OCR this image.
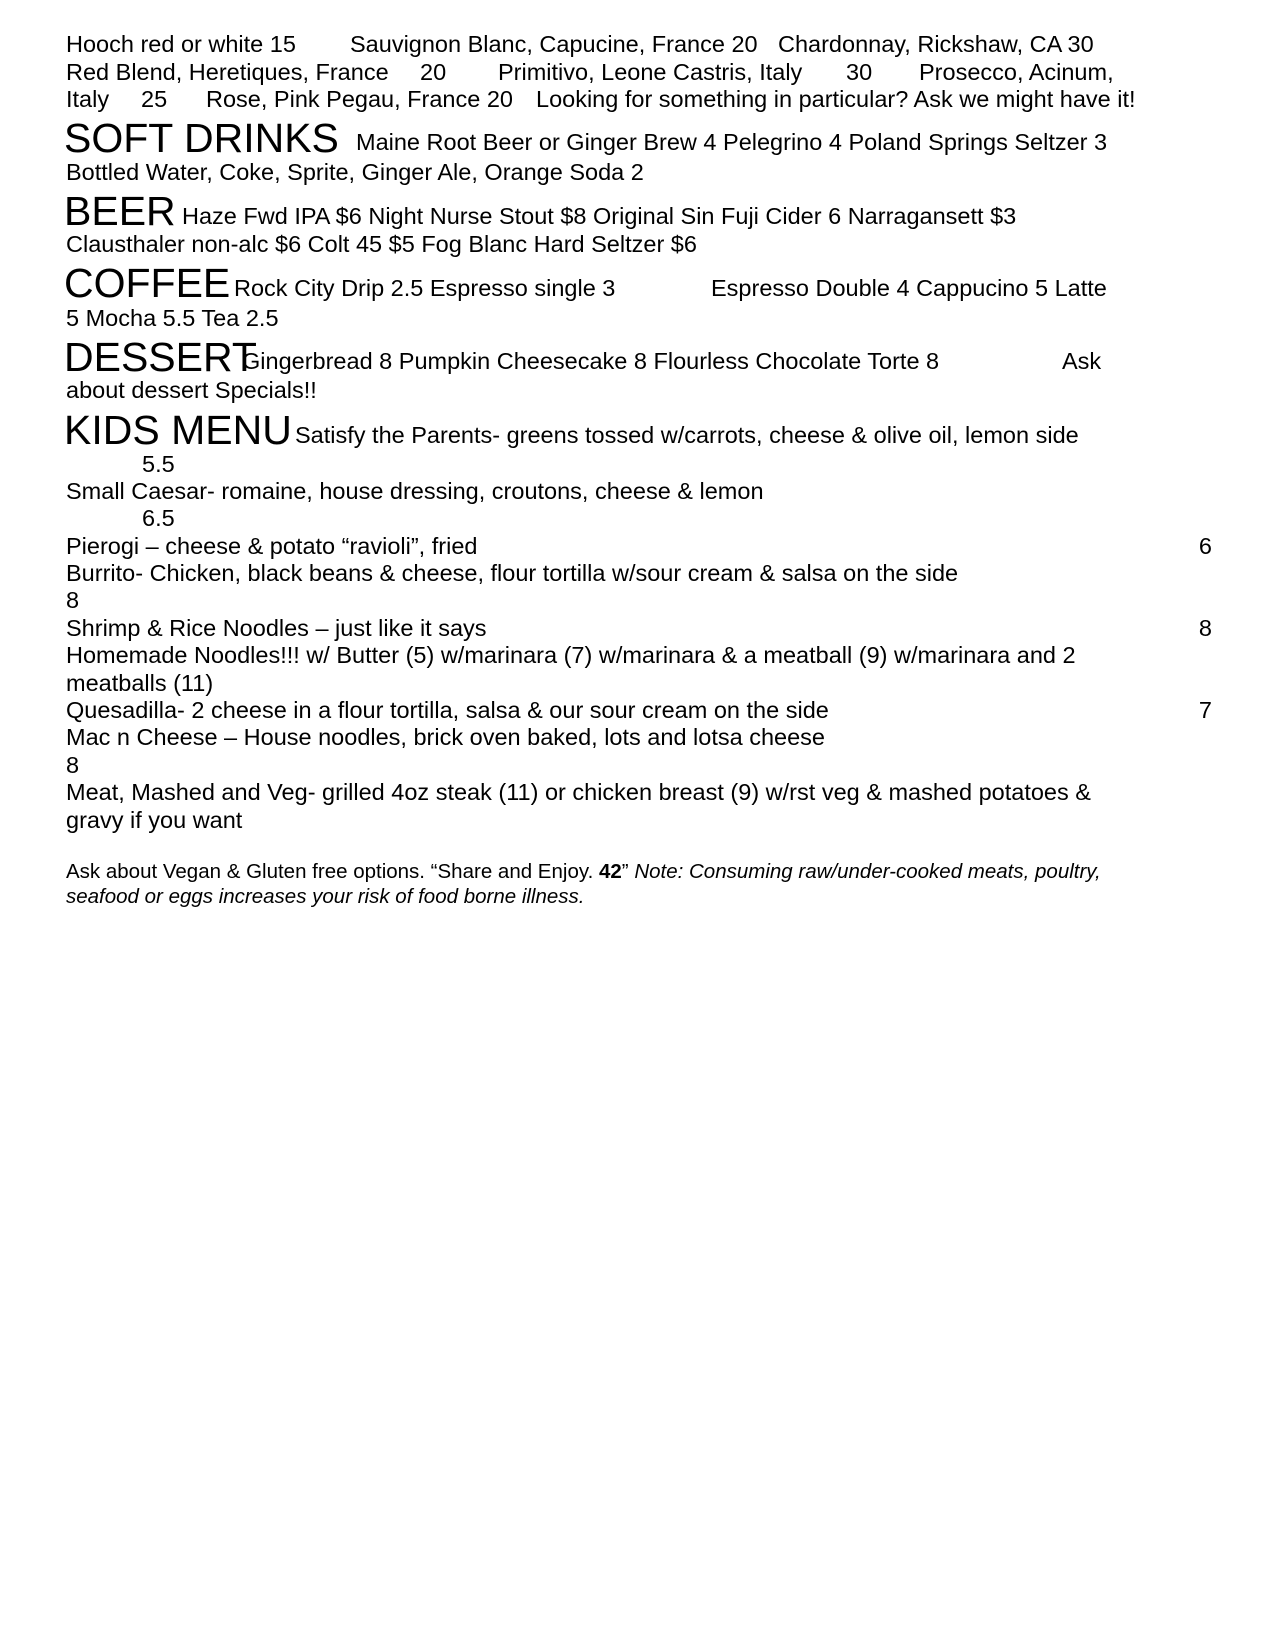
Hooch red or white 15 Sauvignon Blanc, Capucine, France 20 Chardonnay, Rickshaw, CA 30
Red Blend, Heretiques, France 20 Primitivo, Leone Castris, Italy 30 Prosecco, Acinum,
Italy 25 Rose, Pink Pegau, France 20 Looking for something in particular? Ask we might have it!
SOFT DRINKS Maine Root Beer or Ginger Brew 4 Pelegrino 4 Poland Springs Seltzer 3
Bottled Water, Coke, Sprite, Ginger Ale, Orange Soda 2
BEER Haze Fwd IPA $6 Night Nurse Stout $8 Original Sin Fuji Cider 6 Narragansett $3
Clausthaler non-alc $6 Colt 45 $5 Fog Blanc Hard Seltzer $6
COFFEE Rock City Drip 2.5 Espresso single 3	Espresso Double 4 Cappucino 5 Latte
5 Mocha 5.5 Tea 2.5
DESSERT
Gingerbread 8 Pumpkin Cheesecake 8 Flourless Chocolate Torte 8	Ask
about dessert Specials!!
KIDS MENU Satisfy the Parents- greens tossed w/carrots, cheese & olive oil, lemon side
5.5
Small Caesar- romaine, house dressing, croutons, cheese & lemon
6.5
Pierogi – cheese & potato “ravioli”, fried	6
Burrito- Chicken, black beans & cheese, flour tortilla w/sour cream & salsa on the side
8
Shrimp & Rice Noodles – just like it says	8
Homemade Noodles!!! w/ Butter (5) w/marinara (7) w/marinara & a meatball (9) w/marinara and 2
meatballs (11)
Quesadilla- 2 cheese in a flour tortilla, salsa & our sour cream on the side	7
Mac n Cheese – House noodles, brick oven baked, lots and lotsa cheese
8
Meat, Mashed and Veg- grilled 4oz steak (11) or chicken breast (9) w/rst veg & mashed potatoes &
gravy if you want
Ask about Vegan & Gluten free options. “Share and Enjoy. 42” Note: Consuming raw/under-cooked meats, poultry,
seafood or eggs increases your risk of food borne illness.
